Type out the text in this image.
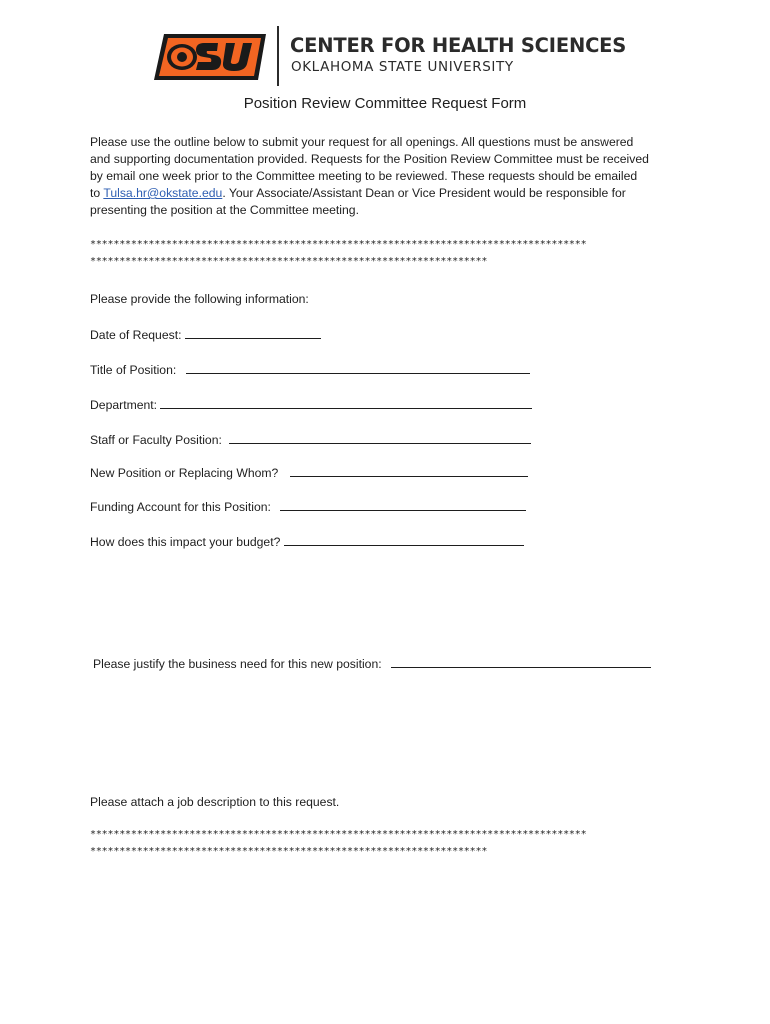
CENTER FOR HEALTH SCIENCES
OKLAHOMA STATE UNIVERSITY
Position Review Committee Request Form
Please use the outline below to submit your request for all openings. All questions must be answered
and supporting documentation provided. Requests for the Position Review Committee must be received
by email one week prior to the Committee meeting to be reviewed. These requests should be emailed
to Tulsa.hr@okstate.edu. Your Associate/Assistant Dean or Vice President would be responsible for
presenting the position at the Committee meeting.
*************************************************************************************
********************************************************************
Please provide the following information:
Date of Request:
Title of Position:
Department:
Staff or Faculty Position:
New Position or Replacing Whom?
Funding Account for this Position:
How does this impact your budget?
Please justify the business need for this new position:
Please attach a job description to this request.
*************************************************************************************
********************************************************************
